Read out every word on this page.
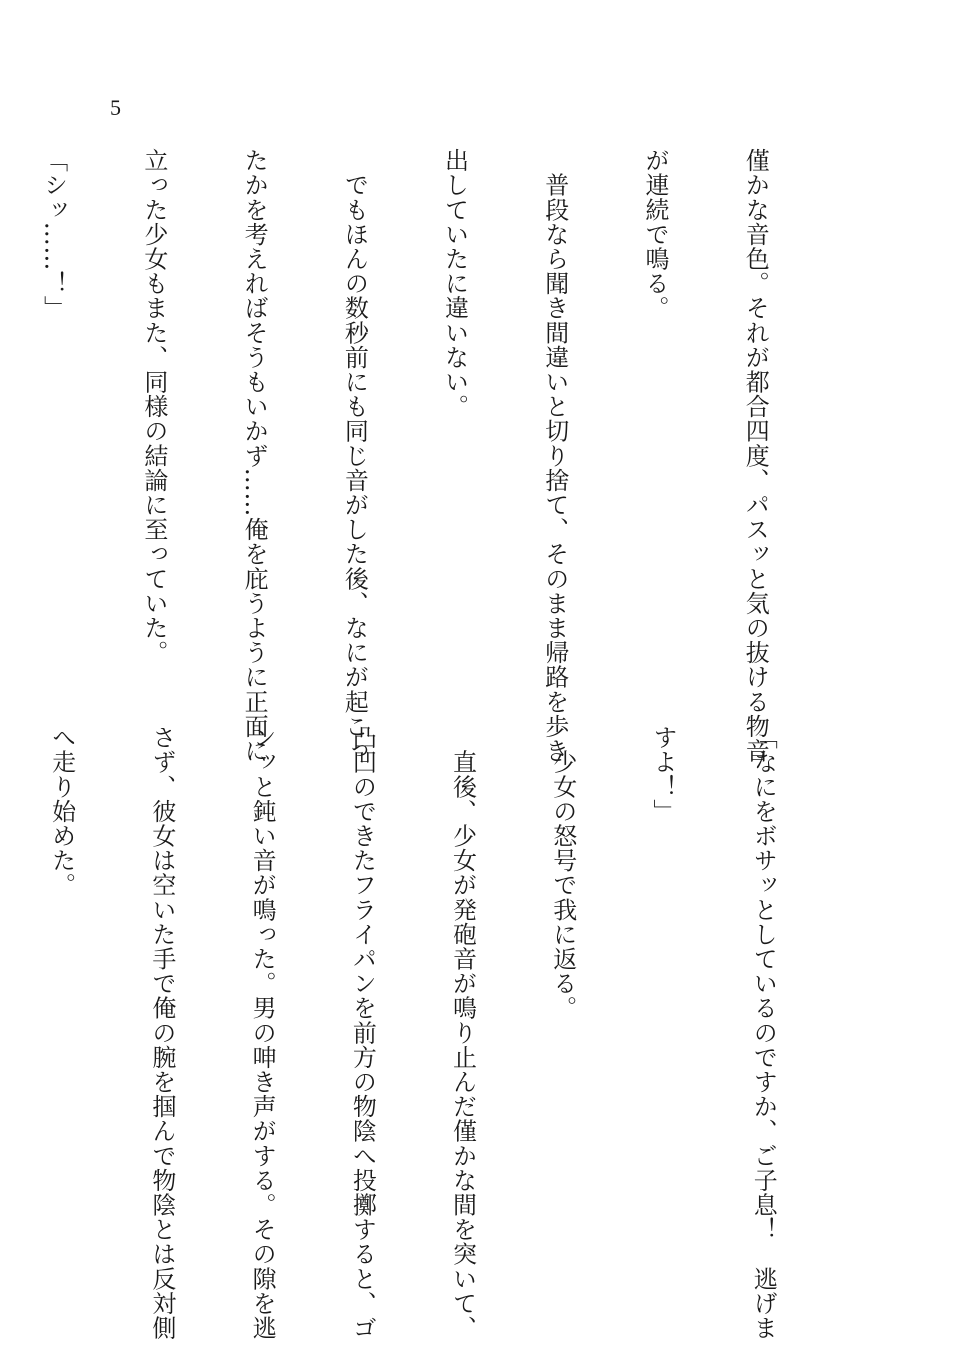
5

僅かな音色。それが都合四度、パスッと気の抜ける物音

が連続で鳴る。

　普段なら聞き間違いと切り捨て、そのまま帰路を歩き

出していたに違いない。

　でもほんの数秒前にも同じ音がした後、なにが起こっ

たかを考えればそうもいかず……俺を庇うように正面に

立った少女もまた、同様の結論に至っていた。

「シッ……！」

「なにをボサッとしているのですか、ご子息！　逃げま

すよ！」

　少女の怒号で我に返る。

　直後、少女が発砲音が鳴り止んだ僅かな間を突いて、

凸凹のできたフライパンを前方の物陰へ投擲すると、ゴ

ンッと鈍い音が鳴った。男の呻き声がする。その隙を逃

さず、彼女は空いた手で俺の腕を掴んで物陰とは反対側

へ走り始めた。
